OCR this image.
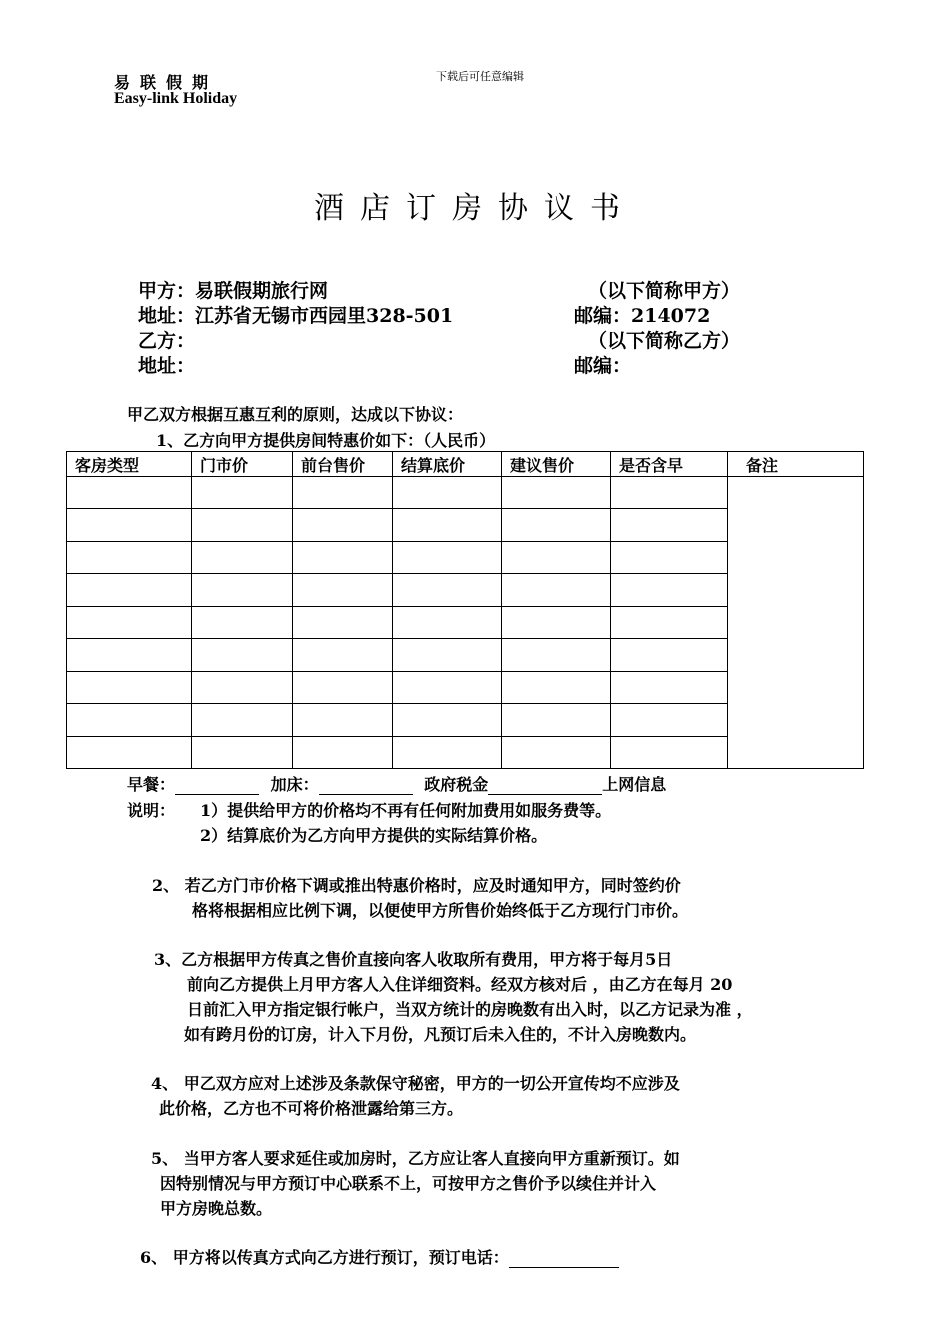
易联假期
Easy-link Holiday
下载后可任意编辑
酒店订房协议书
甲方：易联假期旅行网	（以下简称甲方）
地址：江苏省无锡市西园里328-501	邮编：214072
乙方：	（以下简称乙方）
地址：	邮编：
甲乙双方根据互惠互利的原则，达成以下协议：
1、乙方向甲方提供房间特惠价如下：（人民币）
客房类型	门市价	前台售价	结算底价	建议售价	是否含早	备注

早餐：	加床：	政府税金	上网信息
说明： 1）提供给甲方的价格均不再有任何附加费用如服务费等。
2）结算底价为乙方向甲方提供的实际结算价格。
2、 若乙方门市价格下调或推出特惠价格时，应及时通知甲方，同时签约价
格将根据相应比例下调，以便使甲方所售价始终低于乙方现行门市价。
3、乙方根据甲方传真之售价直接向客人收取所有费用，甲方将于每月5日
前向乙方提供上月甲方客人入住详细资料。经双方核对后 ，由乙方在每月 20
日前汇入甲方指定银行帐户，当双方统计的房晚数有出入时，以乙方记录为准 ，
如有跨月份的订房，计入下月份，凡预订后未入住的，不计入房晚数内。
4、 甲乙双方应对上述涉及条款保守秘密，甲方的一切公开宣传均不应涉及
此价格，乙方也不可将价格泄露给第三方。
5、 当甲方客人要求延住或加房时，乙方应让客人直接向甲方重新预订。如
因特别情况与甲方预订中心联系不上，可按甲方之售价予以续住并计入
甲方房晚总数。
6、 甲方将以传真方式向乙方进行预订，预订电话：
